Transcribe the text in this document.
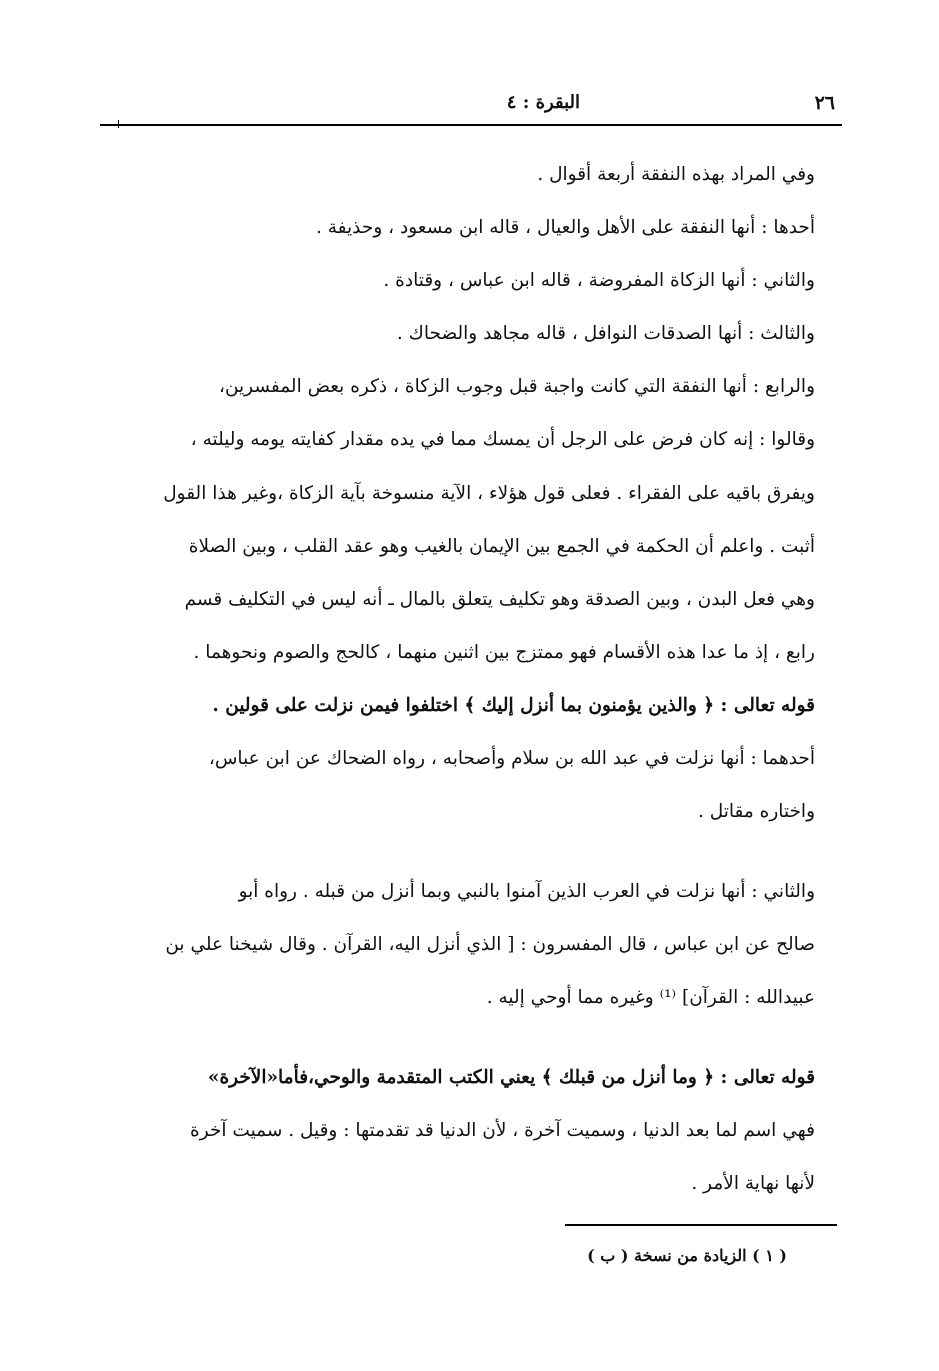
٢٦
البقرة : ٤
وفي المراد بهذه النفقة أربعة أقوال .
أحدها : أنها النفقة على الأهل والعيال ، قاله ابن مسعود ، وحذيفة .
والثاني : أنها الزكاة المفروضة ، قاله ابن عباس ، وقتادة .
والثالث : أنها الصدقات النوافل ، قاله مجاهد والضحاك .
والرابع : أنها النفقة التي كانت واجبة قبل وجوب الزكاة ، ذكره بعض المفسرين،
وقالوا : إنه كان فرض على الرجل أن يمسك مما في يده مقدار كفايته يومه وليلته ،
ويفرق باقيه على الفقراء . فعلى قول هؤلاء ، الآية منسوخة بآية الزكاة ،وغير هذا القول
أثبت . واعلم أن الحكمة في الجمع بين الإيمان بالغيب وهو عقد القلب ، وبين الصلاة
وهي فعل البدن ، وبين الصدقة وهو تكليف يتعلق بالمال ـ أنه ليس في التكليف قسم
رابع ، إذ ما عدا هذه الأقسام فهو ممتزج بين اثنين منهما ، كالحج والصوم ونحوهما .
قوله تعالى : ﴿ والذين يؤمنون بما أنزل إليك ﴾ اختلفوا فيمن نزلت على قولين .
أحدهما : أنها نزلت في عبد الله بن سلام وأصحابه ، رواه الضحاك عن ابن عباس،
واختاره مقاتل .
والثاني : أنها نزلت في العرب الذين آمنوا بالنبي وبما أنزل من قبله . رواه أبو
صالح عن ابن عباس ، قال المفسرون : [ الذي أنزل اليه، القرآن . وقال شيخنا علي بن
عبيدالله : القرآن] ⁽¹⁾ وغيره مما أوحي إليه .
قوله تعالى : ﴿ وما أنزل من قبلك ﴾ يعني الكتب المتقدمة والوحي،فأما«الآخرة»
فهي اسم لما بعد الدنيا ، وسميت آخرة ، لأن الدنيا قد تقدمتها : وقيل . سميت آخرة
لأنها نهاية الأمر .
( ١ ) الزيادة من نسخة ( ب )
